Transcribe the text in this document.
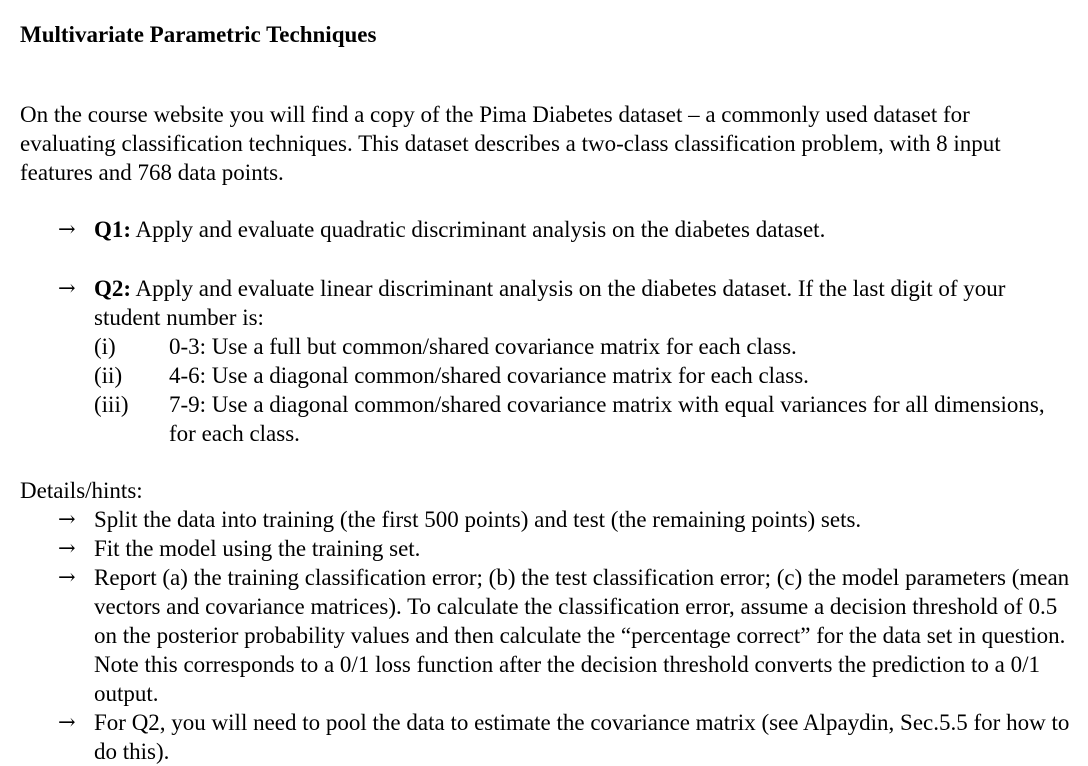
Multivariate Parametric Techniques

On the course website you will find a copy of the Pima Diabetes dataset – a commonly used dataset for evaluating classification techniques. This dataset describes a two-class classification problem, with 8 input features and 768 data points.

→ Q1: Apply and evaluate quadratic discriminant analysis on the diabetes dataset.
→ Q2: Apply and evaluate linear discriminant analysis on the diabetes dataset. If the last digit of your student number is:
(i)	0-3: Use a full but common/shared covariance matrix for each class.
(ii)	4-6: Use a diagonal common/shared covariance matrix for each class.
(iii)	7-9: Use a diagonal common/shared covariance matrix with equal variances for all dimensions, for each class.
Details/hints:
→ Split the data into training (the first 500 points) and test (the remaining points) sets.
→ Fit the model using the training set.
→ Report (a) the training classification error; (b) the test classification error; (c) the model parameters (mean vectors and covariance matrices). To calculate the classification error, assume a decision threshold of 0.5 on the posterior probability values and then calculate the “percentage correct” for the data set in question. Note this corresponds to a 0/1 loss function after the decision threshold converts the prediction to a 0/1 output.
→ For Q2, you will need to pool the data to estimate the covariance matrix (see Alpaydin, Sec.5.5 for how to do this).
